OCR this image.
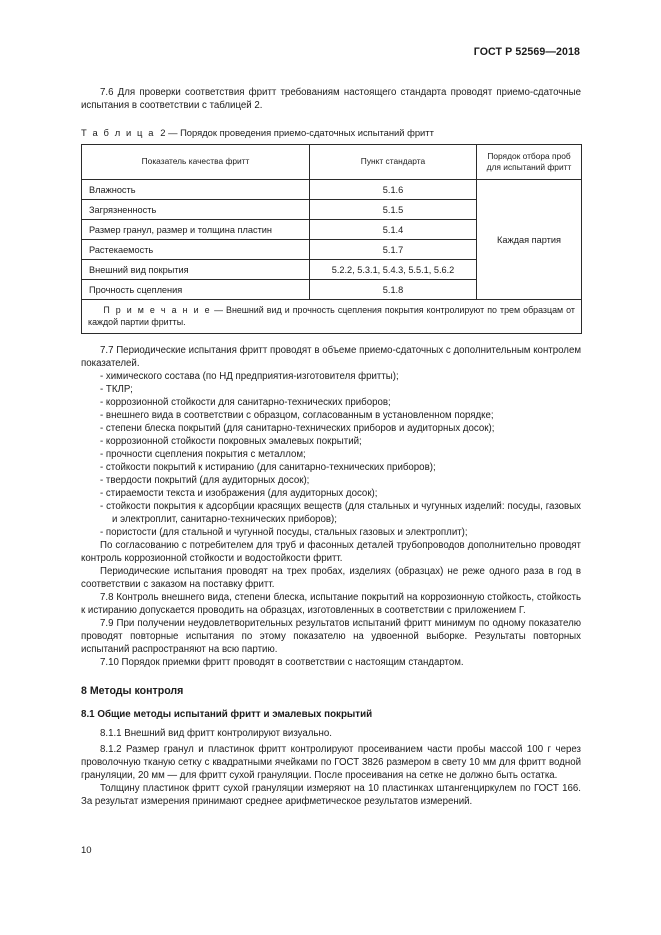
ГОСТ Р 52569—2018

7.6 Для проверки соответствия фритт требованиям настоящего стандарта проводят приемо-сдаточные испытания в соответствии с таблицей 2.

Т а б л и ц а 2 — Порядок проведения приемо-сдаточных испытаний фритт

Показатель качества фритт	Пункт стандарта	Порядок отбора проб
для испытаний фритт
Влажность	5.1.6	Каждая партия
Загрязненность	5.1.5	
Размер гранул, размер и толщина пластин	5.1.4	
Растекаемость	5.1.7	
Внешний вид покрытия	5.2.2, 5.3.1, 5.4.3, 5.5.1, 5.6.2	
Прочность сцепления	5.1.8	
П р и м е ч а н и е — Внешний вид и прочность сцепления покрытия контролируют по трем образцам от каждой партии фритты.		

7.7 Периодические испытания фритт проводят в объеме приемо-сдаточных с дополнительным контролем показателей.

- химического состава (по НД предприятия-изготовителя фритты);
- ТКЛР;
- коррозионной стойкости для санитарно-технических приборов;
- внешнего вида в соответствии с образцом, согласованным в установленном порядке;
- степени блеска покрытий (для санитарно-технических приборов и аудиторных досок);
- коррозионной стойкости покровных эмалевых покрытий;
- прочности сцепления покрытия с металлом;
- стойкости покрытий к истиранию (для санитарно-технических приборов);
- твердости покрытий (для аудиторных досок);
- стираемости текста и изображения (для аудиторных досок);
- стойкости покрытия к адсорбции красящих веществ (для стальных и чугунных изделий: посуды, газовых и электроплит, санитарно-технических приборов);
- пористости (для стальной и чугунной посуды, стальных газовых и электроплит);

По согласованию с потребителем для труб и фасонных деталей трубопроводов дополнительно проводят контроль коррозионной стойкости и водостойкости фритт.

Периодические испытания проводят на трех пробах, изделиях (образцах) не реже одного раза в год в соответствии с заказом на поставку фритт.

7.8 Контроль внешнего вида, степени блеска, испытание покрытий на коррозионную стойкость, стойкость к истиранию допускается проводить на образцах, изготовленных в соответствии с приложением Г.

7.9 При получении неудовлетворительных результатов испытаний фритт минимум по одному показателю проводят повторные испытания по этому показателю на удвоенной выборке. Результаты повторных испытаний распространяют на всю партию.

7.10 Порядок приемки фритт проводят в соответствии с настоящим стандартом.

8 Методы контроля
8.1 Общие методы испытаний фритт и эмалевых покрытий

8.1.1 Внешний вид фритт контролируют визуально.

8.1.2 Размер гранул и пластинок фритт контролируют просеиванием части пробы массой 100 г через проволочную тканую сетку с квадратными ячейками по ГОСТ 3826 размером в свету 10 мм для фритт водной грануляции, 20 мм — для фритт сухой грануляции. После просеивания на сетке не должно быть остатка.

Толщину пластинок фритт сухой грануляции измеряют на 10 пластинках штангенциркулем по ГОСТ 166. За результат измерения принимают среднее арифметическое результатов измерений.

10
